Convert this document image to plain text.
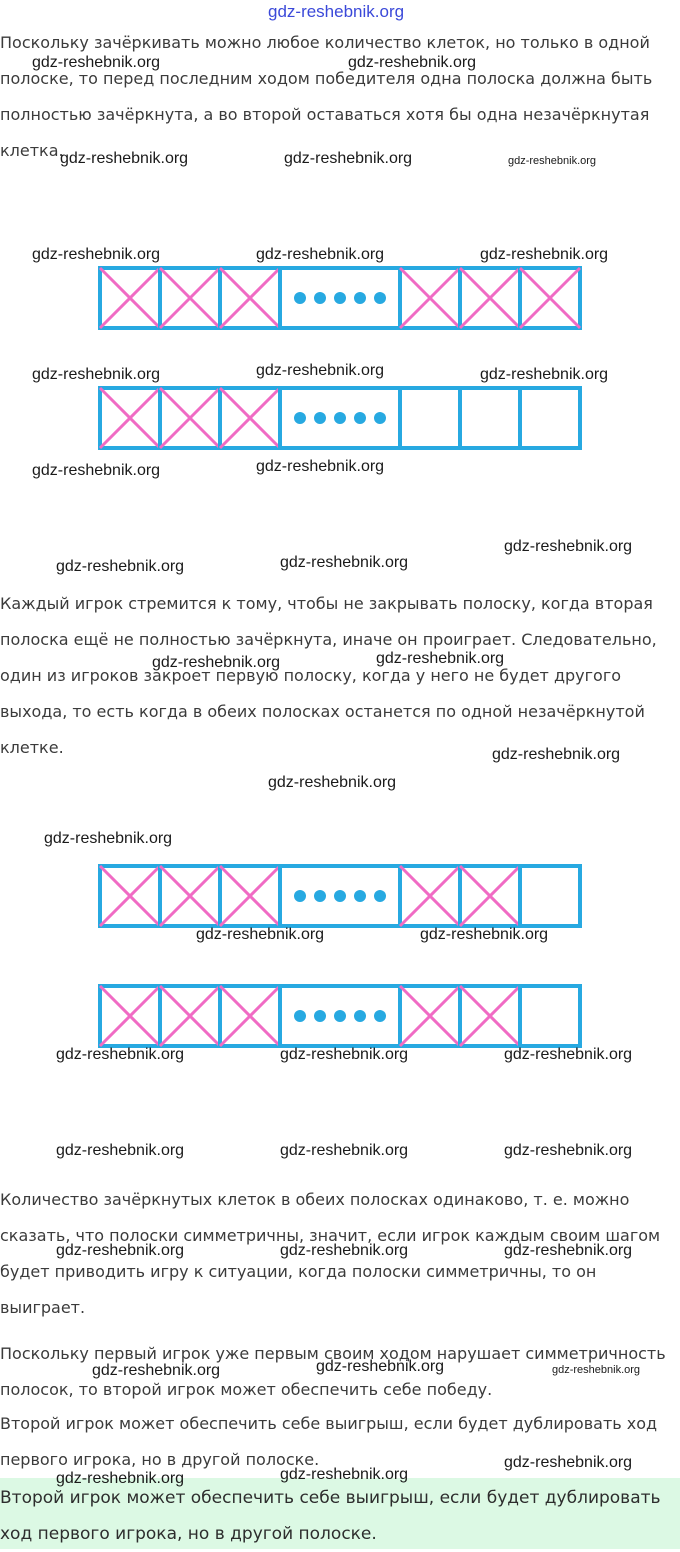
gdz-reshebnik.org

Поскольку зачёркивать можно любое количество клеток, но только в одной полоске, то перед последним ходом победителя одна полоска должна быть полностью зачёркнута, а во второй оставаться хотя бы одна незачёркнутая клетка.

Каждый игрок стремится к тому, чтобы не закрывать полоску, когда вторая полоска ещё не полностью зачёркнута, иначе он проиграет. Следовательно, один из игроков закроет первую полоску, когда у него не будет другого выхода, то есть когда в обеих полосках останется по одной незачёркнутой клетке.

Количество зачёркнутых клеток в обеих полосках одинаково, т. е. можно сказать, что полоски симметричны, значит, если игрок каждым своим шагом будет приводить игру к ситуации, когда полоски симметричны, то он выиграет.

Поскольку первый игрок уже первым своим ходом нарушает симметричность полосок, то второй игрок может обеспечить себе победу.

Второй игрок может обеспечить себе выигрыш, если будет дублировать ход первого игрока, но в другой полоске.

Второй игрок может обеспечить себе выигрыш, если будет дублировать ход первого игрока, но в другой полоске.

gdz-reshebnik.org	gdz-reshebnik.org
gdz-reshebnik.org	gdz-reshebnik.org	gdz-reshebnik.org
gdz-reshebnik.org	gdz-reshebnik.org	gdz-reshebnik.org
gdz-reshebnik.org	gdz-reshebnik.org	gdz-reshebnik.org
gdz-reshebnik.org	gdz-reshebnik.org
gdz-reshebnik.org
gdz-reshebnik.org	gdz-reshebnik.org
gdz-reshebnik.org	gdz-reshebnik.org
gdz-reshebnik.org
gdz-reshebnik.org
gdz-reshebnik.org
gdz-reshebnik.org	gdz-reshebnik.org
gdz-reshebnik.org	gdz-reshebnik.org	gdz-reshebnik.org
gdz-reshebnik.org	gdz-reshebnik.org	gdz-reshebnik.org
gdz-reshebnik.org	gdz-reshebnik.org	gdz-reshebnik.org
gdz-reshebnik.org	gdz-reshebnik.org	gdz-reshebnik.org
gdz-reshebnik.org
gdz-reshebnik.org	gdz-reshebnik.org
